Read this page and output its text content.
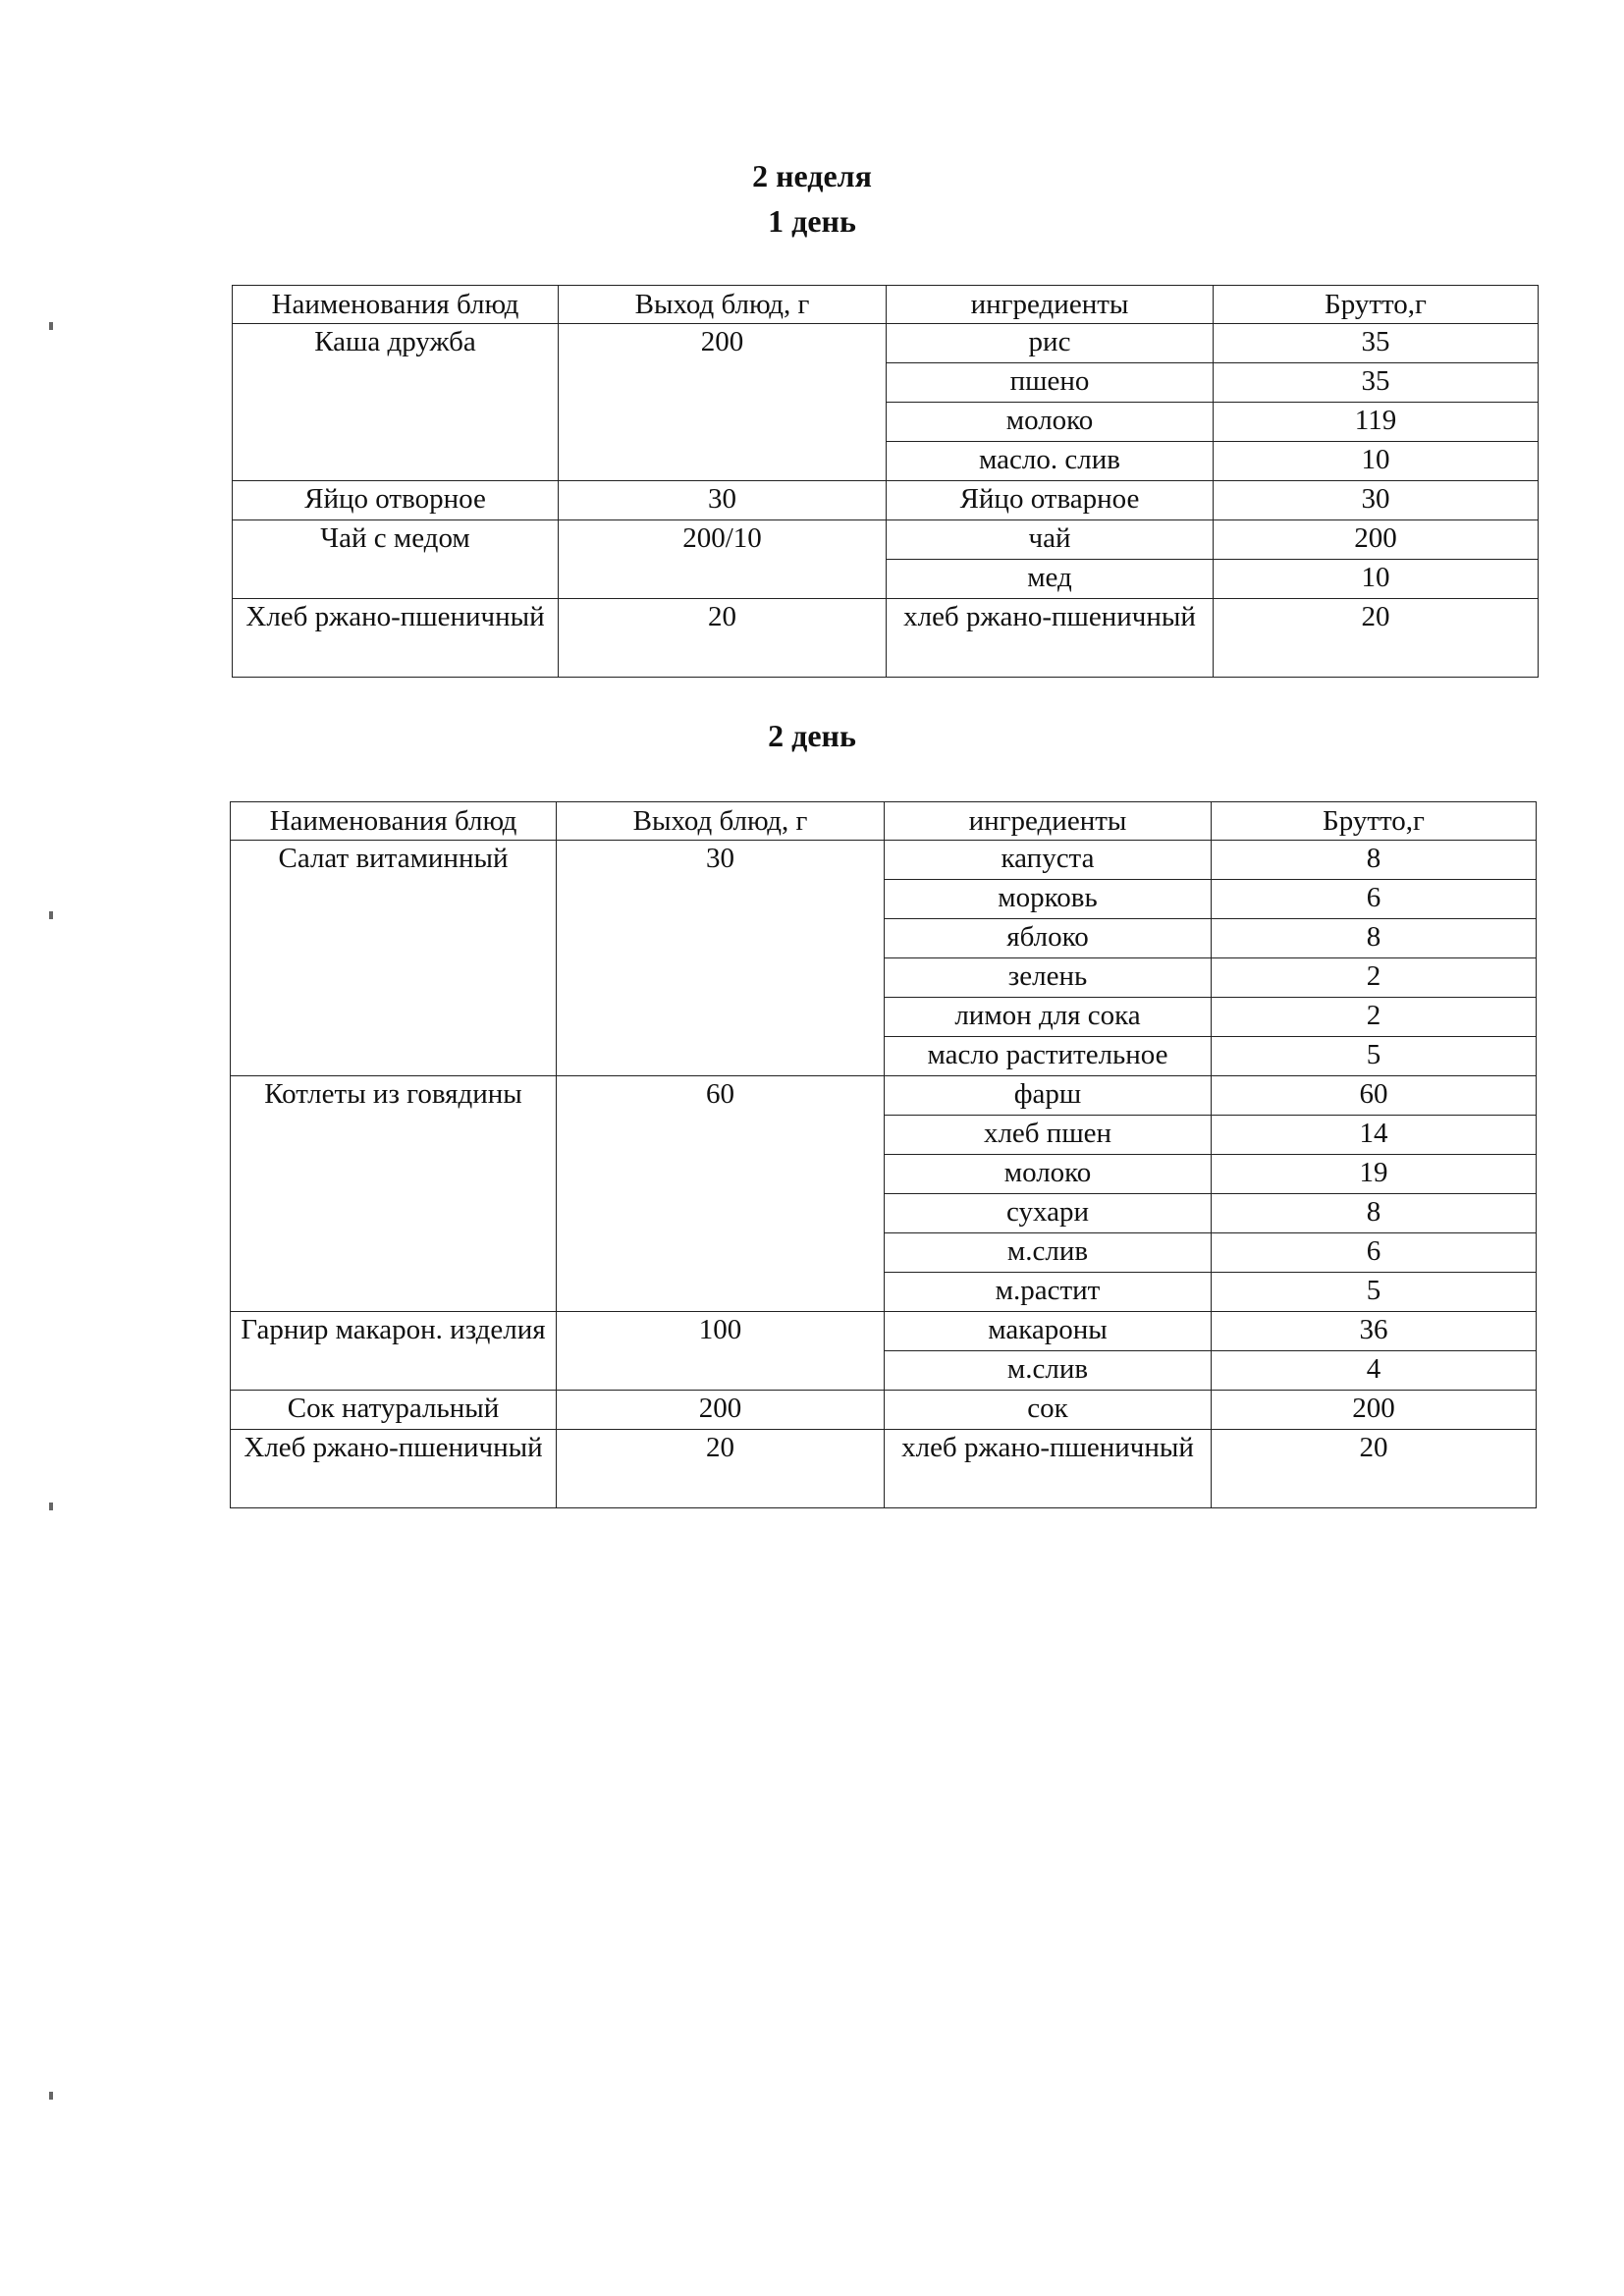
2 неделя
1 день
Наименования блюд	Выход блюд, г	ингредиенты	Брутто,г
Каша дружба	200	рис	35
		пшено	35
		молоко	119
		масло. слив	10
Яйцо отворное	30	Яйцо отварное	30
Чай с медом	200/10	чай	200
		мед	10
Хлеб ржано-пшеничный	20	хлеб ржано-пшеничный	20
2 день
Наименования блюд	Выход блюд, г	ингредиенты	Брутто,г
Салат витаминный	30	капуста	8
		морковь	6
		яблоко	8
		зелень	2
		лимон для сока	2
		масло растительное	5
Котлеты из говядины	60	фарш	60
		хлеб пшен	14
		молоко	19
		сухари	8
		м.слив	6
		м.растит	5
Гарнир макарон. изделия	100	макароны	36
		м.слив	4
Сок натуральный	200	сок	200
Хлеб ржано-пшеничный	20	хлеб ржано-пшеничный	20
